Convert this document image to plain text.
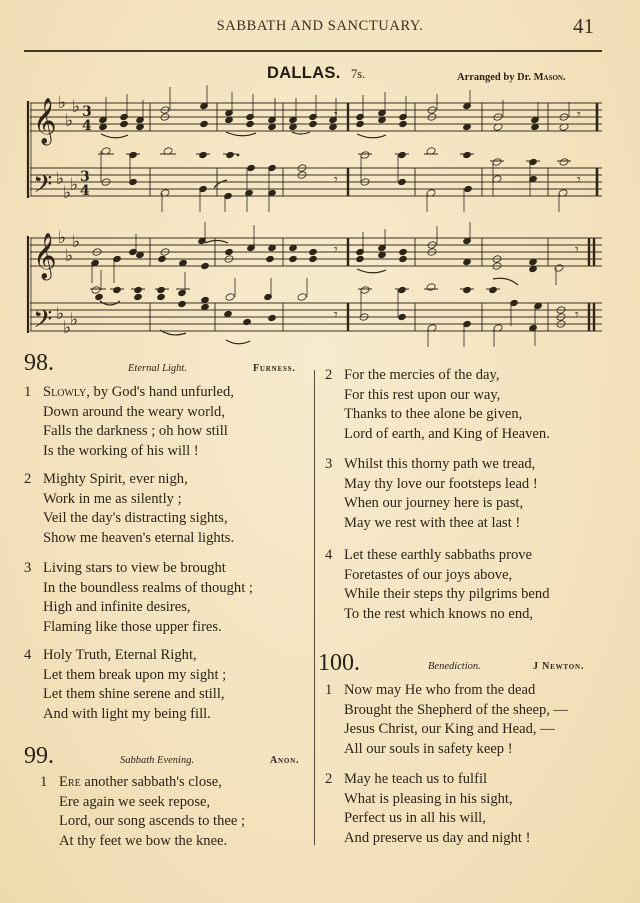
SABBATH AND SANCTUARY.	41
DALLAS. 7s.	Arranged by Dr. Mason.
𝄞
𝄢
𝄞
𝄢
♭
♭
♭
♭
♭
♭
♭
♭
♭
♭
♭
♭
3
4
3
4
𝄾
𝄾
𝄾
𝄾
𝄾
𝄾
𝄾
𝄾
98.	Eternal Light.	Furness.
1 Slowly, by God's hand unfurled,
Down around the weary world,
Falls the darkness ; oh how still
Is the working of his will !
2 Mighty Spirit, ever nigh,
Work in me as silently ;
Veil the day's distracting sights,
Show me heaven's eternal lights.
3 Living stars to view be brought
In the boundless realms of thought ;
High and infinite desires,
Flaming like those upper fires.
4 Holy Truth, Eternal Right,
Let them break upon my sight ;
Let them shine serene and still,
And with light my being fill.
99.	Sabbath Evening.	Anon.
1 Ere another sabbath's close,
Ere again we seek repose,
Lord, our song ascends to thee ;
At thy feet we bow the knee.
2 For the mercies of the day,
For this rest upon our way,
Thanks to thee alone be given,
Lord of earth, and King of Heaven.
3 Whilst this thorny path we tread,
May thy love our footsteps lead !
When our journey here is past,
May we rest with thee at last !
4 Let these earthly sabbaths prove
Foretastes of our joys above,
While their steps thy pilgrims bend
To the rest which knows no end,
100.	Benediction.	J Newton.
1 Now may He who from the dead
Brought the Shepherd of the sheep, —
Jesus Christ, our King and Head, —
All our souls in safety keep !
2 May he teach us to fulfil
What is pleasing in his sight,
Perfect us in all his will,
And preserve us day and night !
